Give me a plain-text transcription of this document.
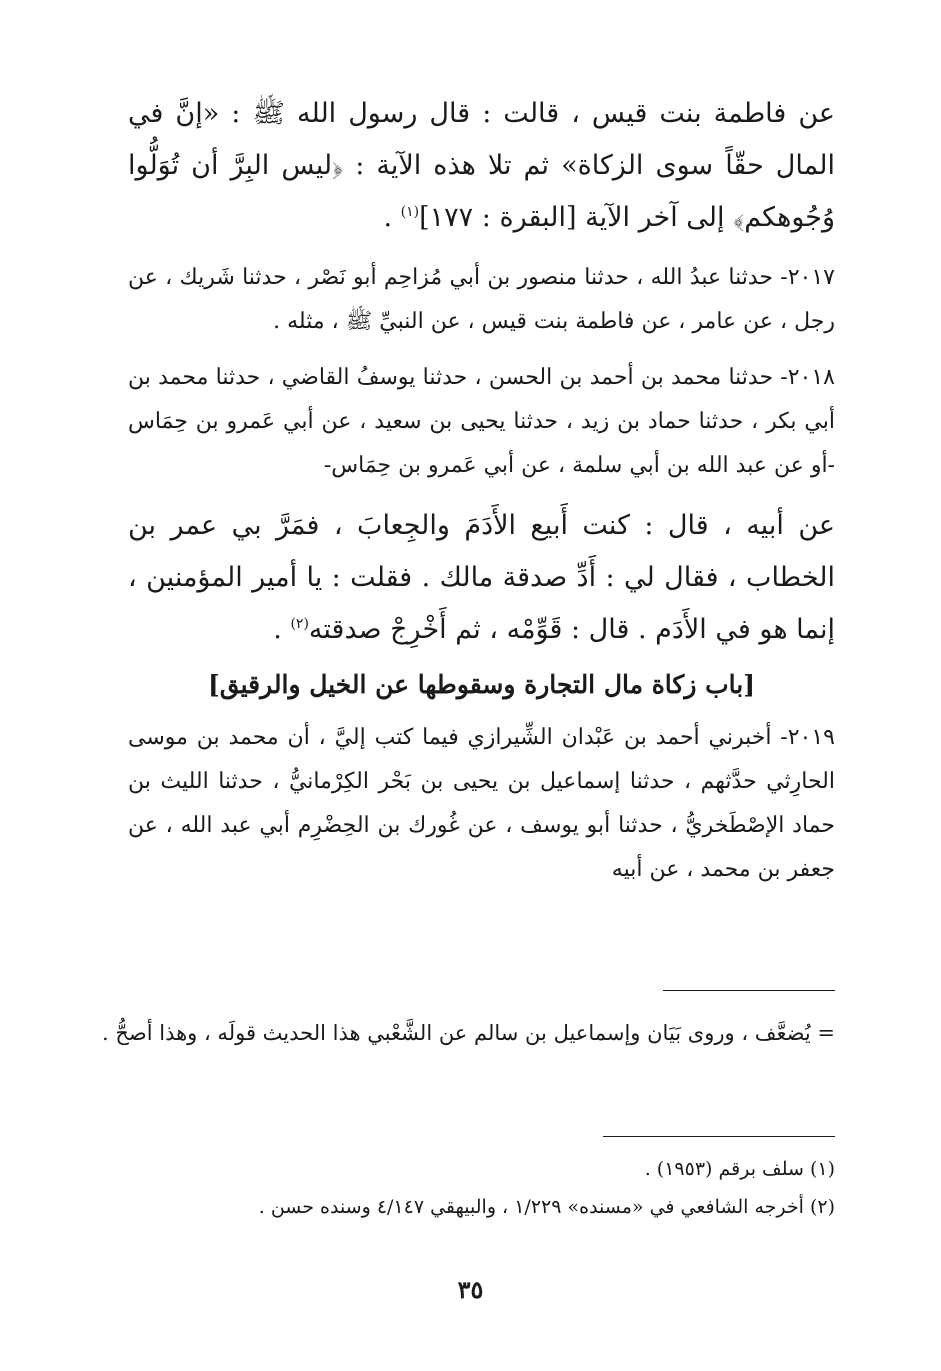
عن فاطمة بنت قيس ، قالت : قال رسول الله ﷺ : «إنَّ في المال حقّاً سوى الزكاة» ثم تلا هذه الآية : ﴿ليس البِرَّ أن تُوَلُّوا وُجُوهكم﴾ إلى آخر الآية [البقرة : ١٧٧]$^{(١)}$ .

٢٠١٧- حدثنا عبدُ الله ، حدثنا منصور بن أبي مُزاحِم أبو نَصْر ، حدثنا شَريك ، عن رجل ، عن عامر ، عن فاطمة بنت قيس ، عن النبيِّ ﷺ ، مثله .

٢٠١٨- حدثنا محمد بن أحمد بن الحسن ، حدثنا يوسفُ القاضي ، حدثنا محمد بن أبي بكر ، حدثنا حماد بن زيد ، حدثنا يحيى بن سعيد ، عن أبي عَمرو بن حِمَاس -أو عن عبد الله بن أبي سلمة ، عن أبي عَمرو بن حِمَاس-

عن أبيه ، قال : كنت أَبيع الأَدَمَ والجِعابَ ، فمَرَّ بي عمر بن الخطاب ، فقال لي : أَدِّ صدقة مالك . فقلت : يا أمير المؤمنين ، إنما هو في الأَدَم . قال : قَوِّمْه ، ثم أَخْرِجْ صدقته$^{(٢)}$ .

[باب زكاة مال التجارة وسقوطها عن الخيل والرقيق]

٢٠١٩- أخبرني أحمد بن عَبْدان الشِّيرازي فيما كتب إليَّ ، أن محمد بن موسى الحارِثي حدَّثهم ، حدثنا إسماعيل بن يحيى بن بَحْر الكِرْمانيُّ ، حدثنا الليث بن حماد الإصْطَخريُّ ، حدثنا أبو يوسف ، عن غُورك بن الحِضْرِم أبي عبد الله ، عن جعفر بن محمد ، عن أبيه

= يُضعَّف ، وروى بَيَان وإسماعيل بن سالم عن الشَّعْبي هذا الحديث قولَه ، وهذا أصحُّ .
(١) سلف برقم (١٩٥٣) .
(٢) أخرجه الشافعي في «مسنده» ١/٢٢٩ ، والبيهقي ٤/١٤٧ وسنده حسن .
٣٥
